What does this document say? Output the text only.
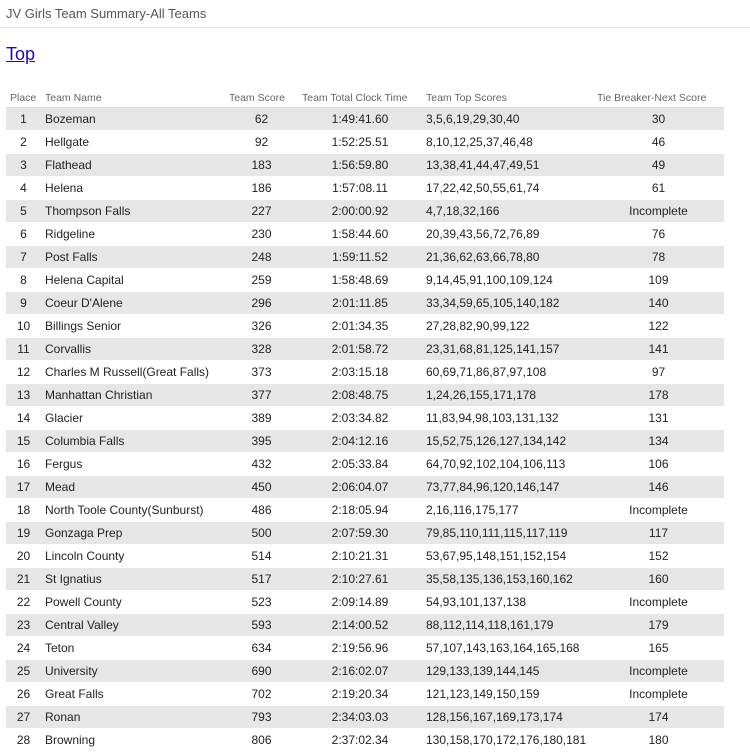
JV Girls Team Summary-All Teams
Top
Place	Team Name	Team Score	Team Total Clock Time	Team Top Scores	Tie Breaker-Next Score
1	Bozeman	62	1:49:41.60	3,5,6,19,29,30,40	30
2	Hellgate	92	1:52:25.51	8,10,12,25,37,46,48	46
3	Flathead	183	1:56:59.80	13,38,41,44,47,49,51	49
4	Helena	186	1:57:08.11	17,22,42,50,55,61,74	61
5	Thompson Falls	227	2:00:00.92	4,7,18,32,166	Incomplete
6	Ridgeline	230	1:58:44.60	20,39,43,56,72,76,89	76
7	Post Falls	248	1:59:11.52	21,36,62,63,66,78,80	78
8	Helena Capital	259	1:58:48.69	9,14,45,91,100,109,124	109
9	Coeur D'Alene	296	2:01:11.85	33,34,59,65,105,140,182	140
10	Billings Senior	326	2:01:34.35	27,28,82,90,99,122	122
11	Corvallis	328	2:01:58.72	23,31,68,81,125,141,157	141
12	Charles M Russell(Great Falls)	373	2:03:15.18	60,69,71,86,87,97,108	97
13	Manhattan Christian	377	2:08:48.75	1,24,26,155,171,178	178
14	Glacier	389	2:03:34.82	11,83,94,98,103,131,132	131
15	Columbia Falls	395	2:04:12.16	15,52,75,126,127,134,142	134
16	Fergus	432	2:05:33.84	64,70,92,102,104,106,113	106
17	Mead	450	2:06:04.07	73,77,84,96,120,146,147	146
18	North Toole County(Sunburst)	486	2:18:05.94	2,16,116,175,177	Incomplete
19	Gonzaga Prep	500	2:07:59.30	79,85,110,111,115,117,119	117
20	Lincoln County	514	2:10:21.31	53,67,95,148,151,152,154	152
21	St Ignatius	517	2:10:27.61	35,58,135,136,153,160,162	160
22	Powell County	523	2:09:14.89	54,93,101,137,138	Incomplete
23	Central Valley	593	2:14:00.52	88,112,114,118,161,179	179
24	Teton	634	2:19:56.96	57,107,143,163,164,165,168	165
25	University	690	2:16:02.07	129,133,139,144,145	Incomplete
26	Great Falls	702	2:19:20.34	121,123,149,150,159	Incomplete
27	Ronan	793	2:34:03.03	128,156,167,169,173,174	174
28	Browning	806	2:37:02.34	130,158,170,172,176,180,181	180
